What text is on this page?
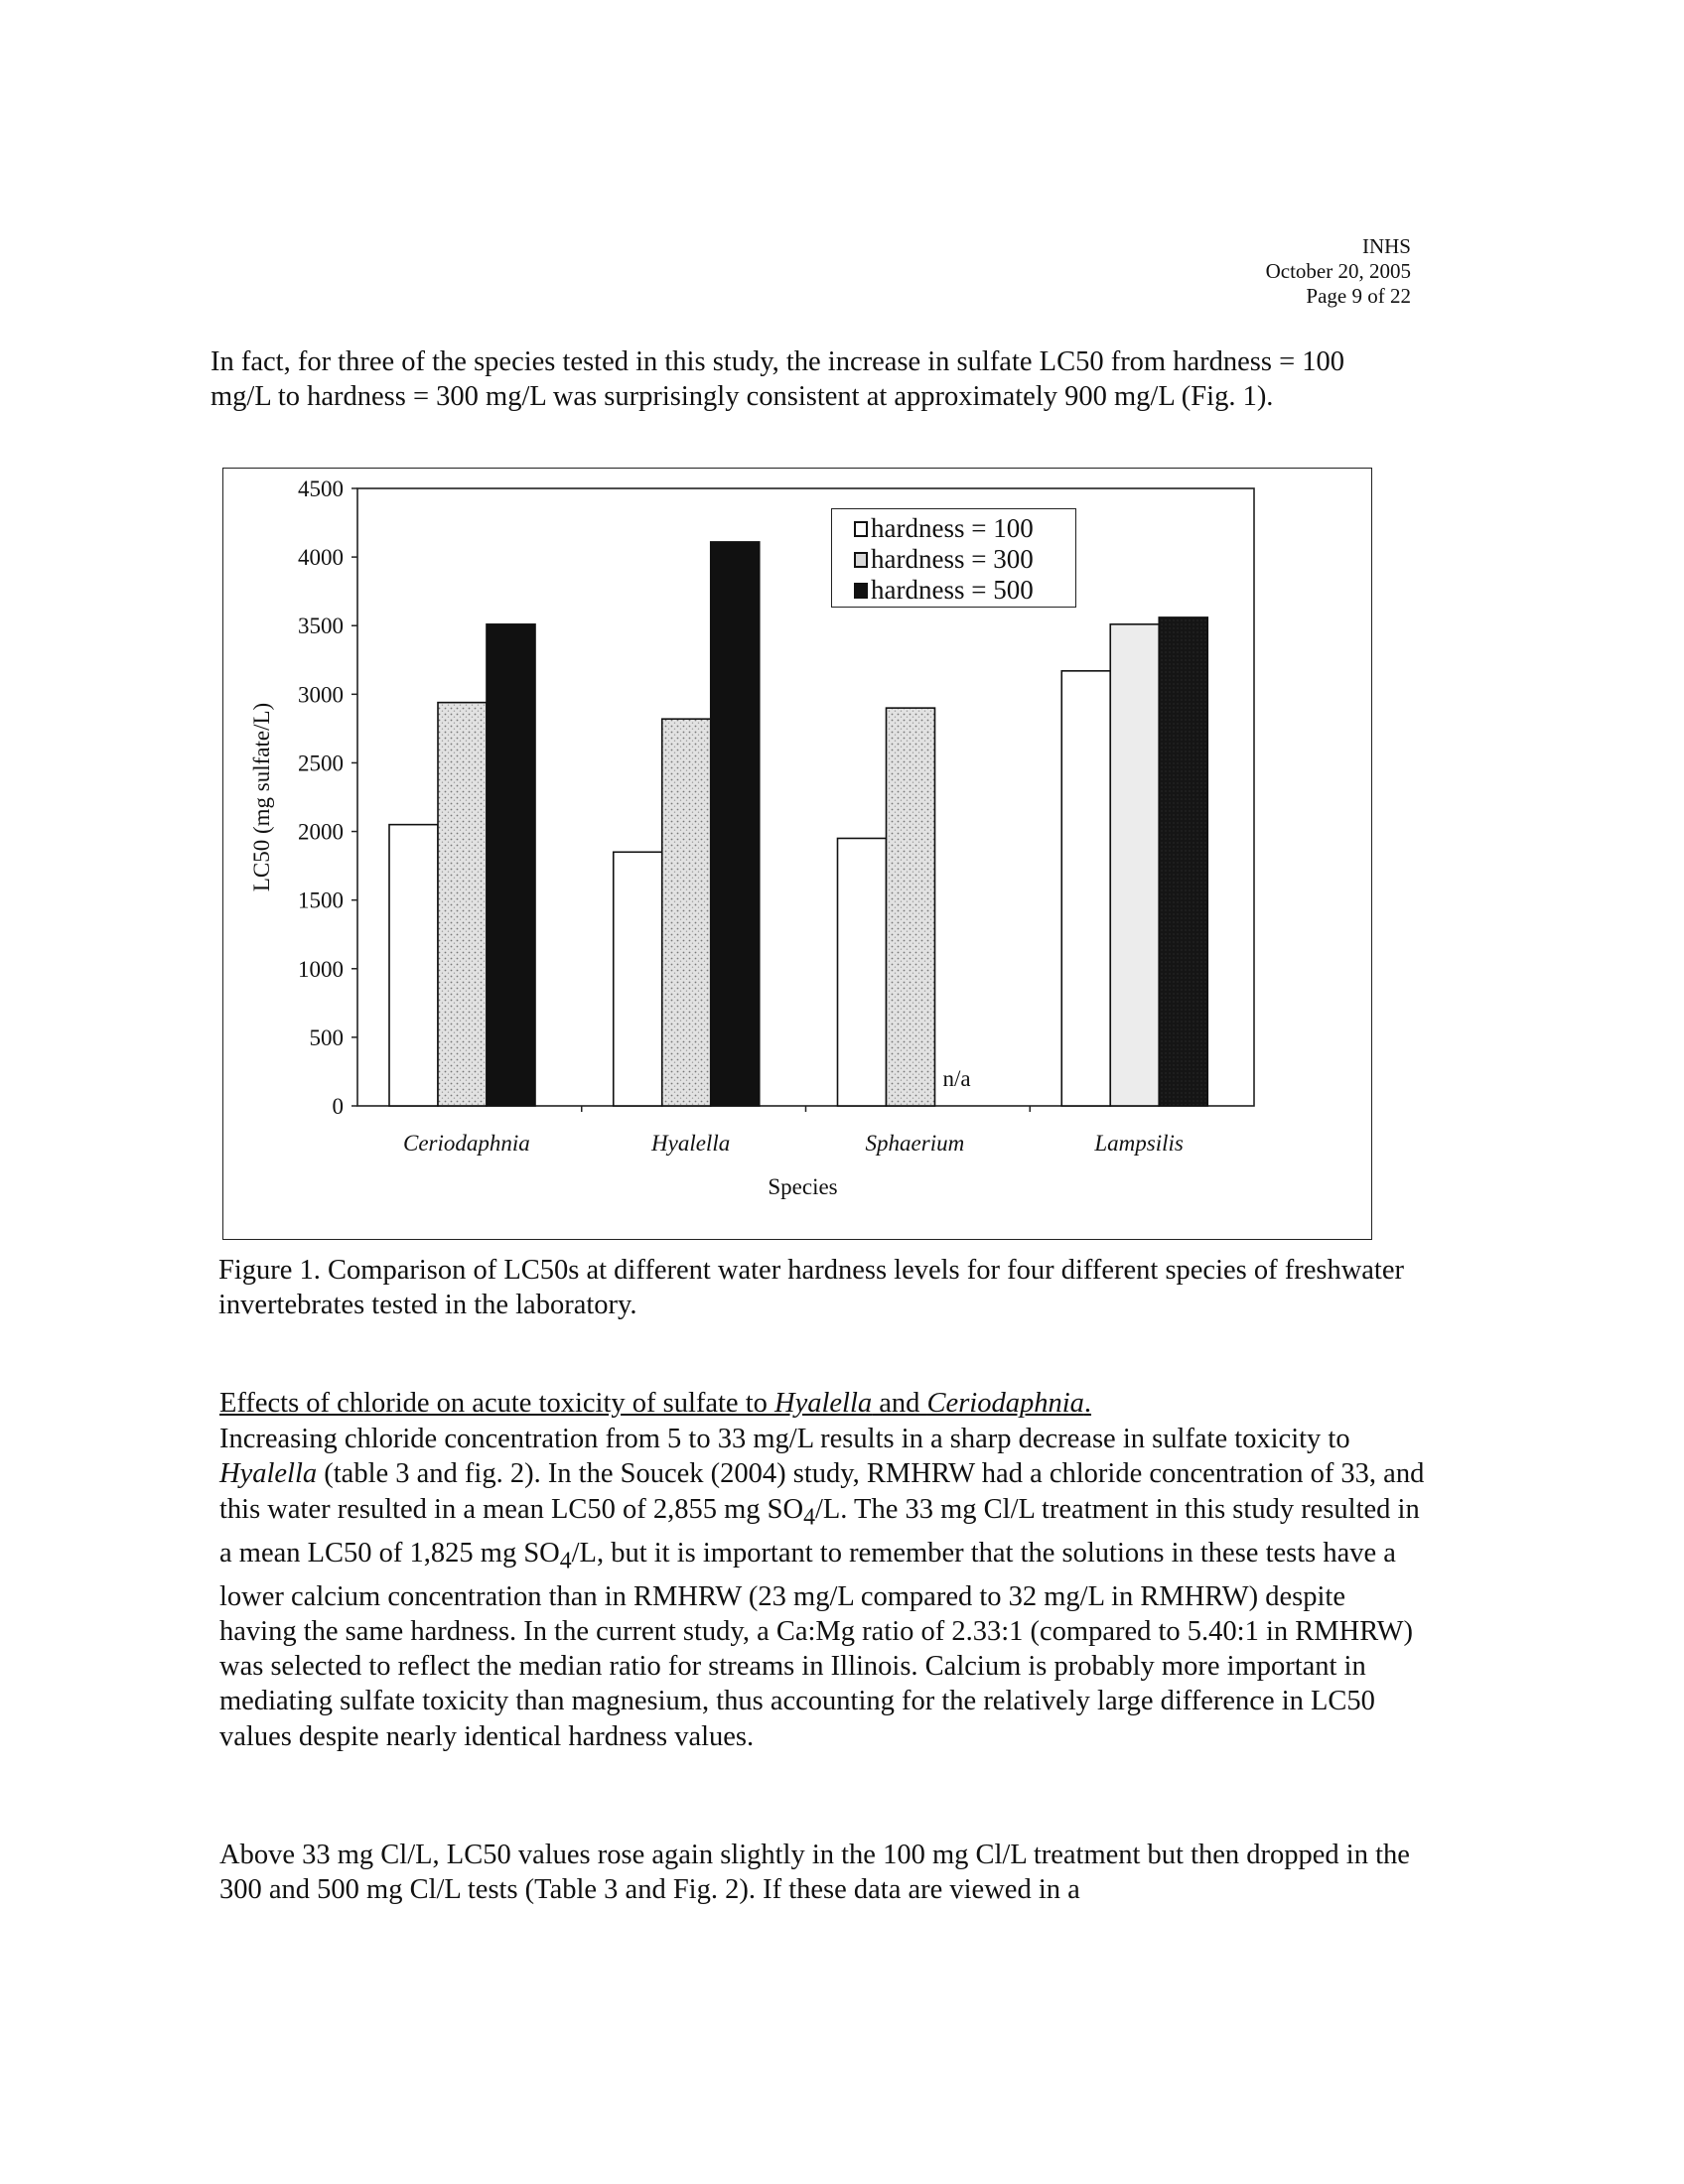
INHS
October 20, 2005
Page 9 of 22

In fact, for three of the species tested in this study, the increase in sulfate LC50 from hardness = 100 mg/L to hardness = 300 mg/L was surprisingly consistent at approximately 900 mg/L (Fig. 1).

0
500
1000
1500
2000
2500
3000
3500
4000
4500
LC50 (mg sulfate/L)
Ceriodaphnia	Hyalella
n/a
Sphaerium	Lampsilis
Species
hardness = 100
hardness = 300
hardness = 500
Figure 1. Comparison of LC50s at different water hardness levels for four different species of freshwater invertebrates tested in the laboratory.
Effects of chloride on acute toxicity of sulfate to Hyalella and Ceriodaphnia.

Increasing chloride concentration from 5 to 33 mg/L results in a sharp decrease in sulfate toxicity to Hyalella (table 3 and fig. 2). In the Soucek (2004) study, RMHRW had a chloride concentration of 33, and this water resulted in a mean LC50 of 2,855 mg $SO_4/L$. The 33 mg Cl/L treatment in this study resulted in a mean LC50 of 1,825 mg $SO_4/L$, but it is important to remember that the solutions in these tests have a lower calcium concentration than in RMHRW (23 mg/L compared to 32 mg/L in RMHRW) despite having the same hardness. In the current study, a Ca:Mg ratio of 2.33:1 (compared to 5.40:1 in RMHRW) was selected to reflect the median ratio for streams in Illinois. Calcium is probably more important in mediating sulfate toxicity than magnesium, thus accounting for the relatively large difference in LC50 values despite nearly identical hardness values.

Above 33 mg Cl/L, LC50 values rose again slightly in the 100 mg Cl/L treatment but then dropped in the 300 and 500 mg Cl/L tests (Table 3 and Fig. 2). If these data are viewed in a
